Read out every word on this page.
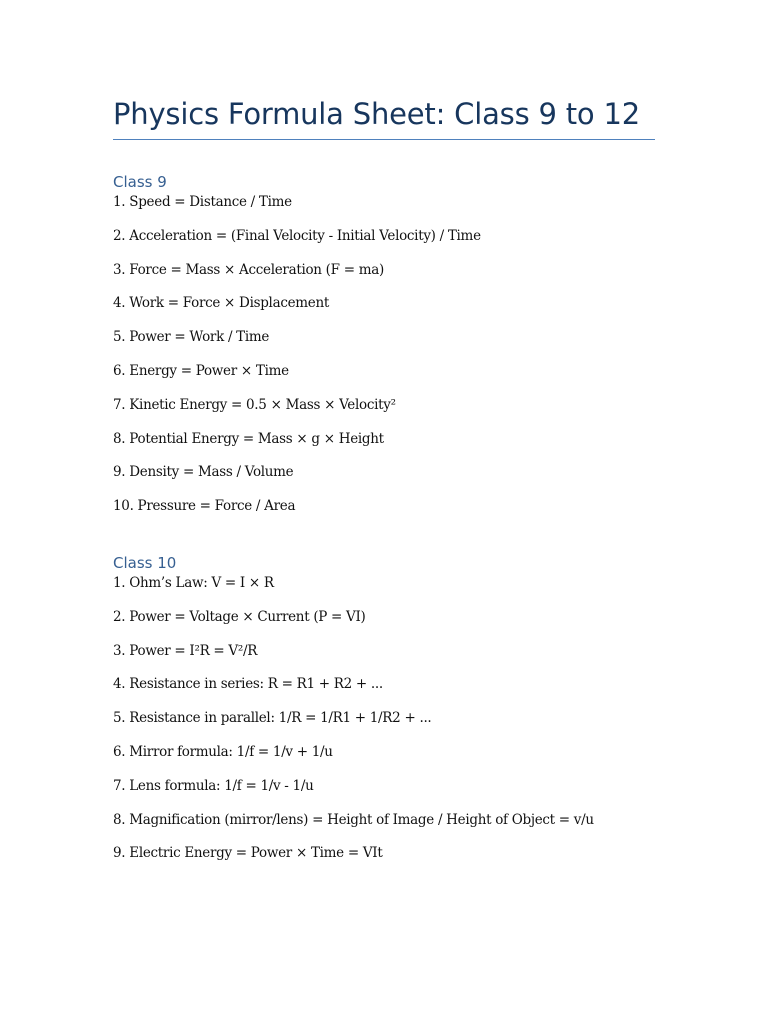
Physics Formula Sheet: Class 9 to 12
Class 9
1. Speed = Distance / Time
2. Acceleration = (Final Velocity - Initial Velocity) / Time
3. Force = Mass × Acceleration (F = ma)
4. Work = Force × Displacement
5. Power = Work / Time
6. Energy = Power × Time
7. Kinetic Energy = 0.5 × Mass × Velocity²
8. Potential Energy = Mass × g × Height
9. Density = Mass / Volume
10. Pressure = Force / Area
Class 10
1. Ohm’s Law: V = I × R
2. Power = Voltage × Current (P = VI)
3. Power = I²R = V²/R
4. Resistance in series: R = R1 + R2 + ...
5. Resistance in parallel: 1/R = 1/R1 + 1/R2 + ...
6. Mirror formula: 1/f = 1/v + 1/u
7. Lens formula: 1/f = 1/v - 1/u
8. Magnification (mirror/lens) = Height of Image / Height of Object = v/u
9. Electric Energy = Power × Time = VIt
